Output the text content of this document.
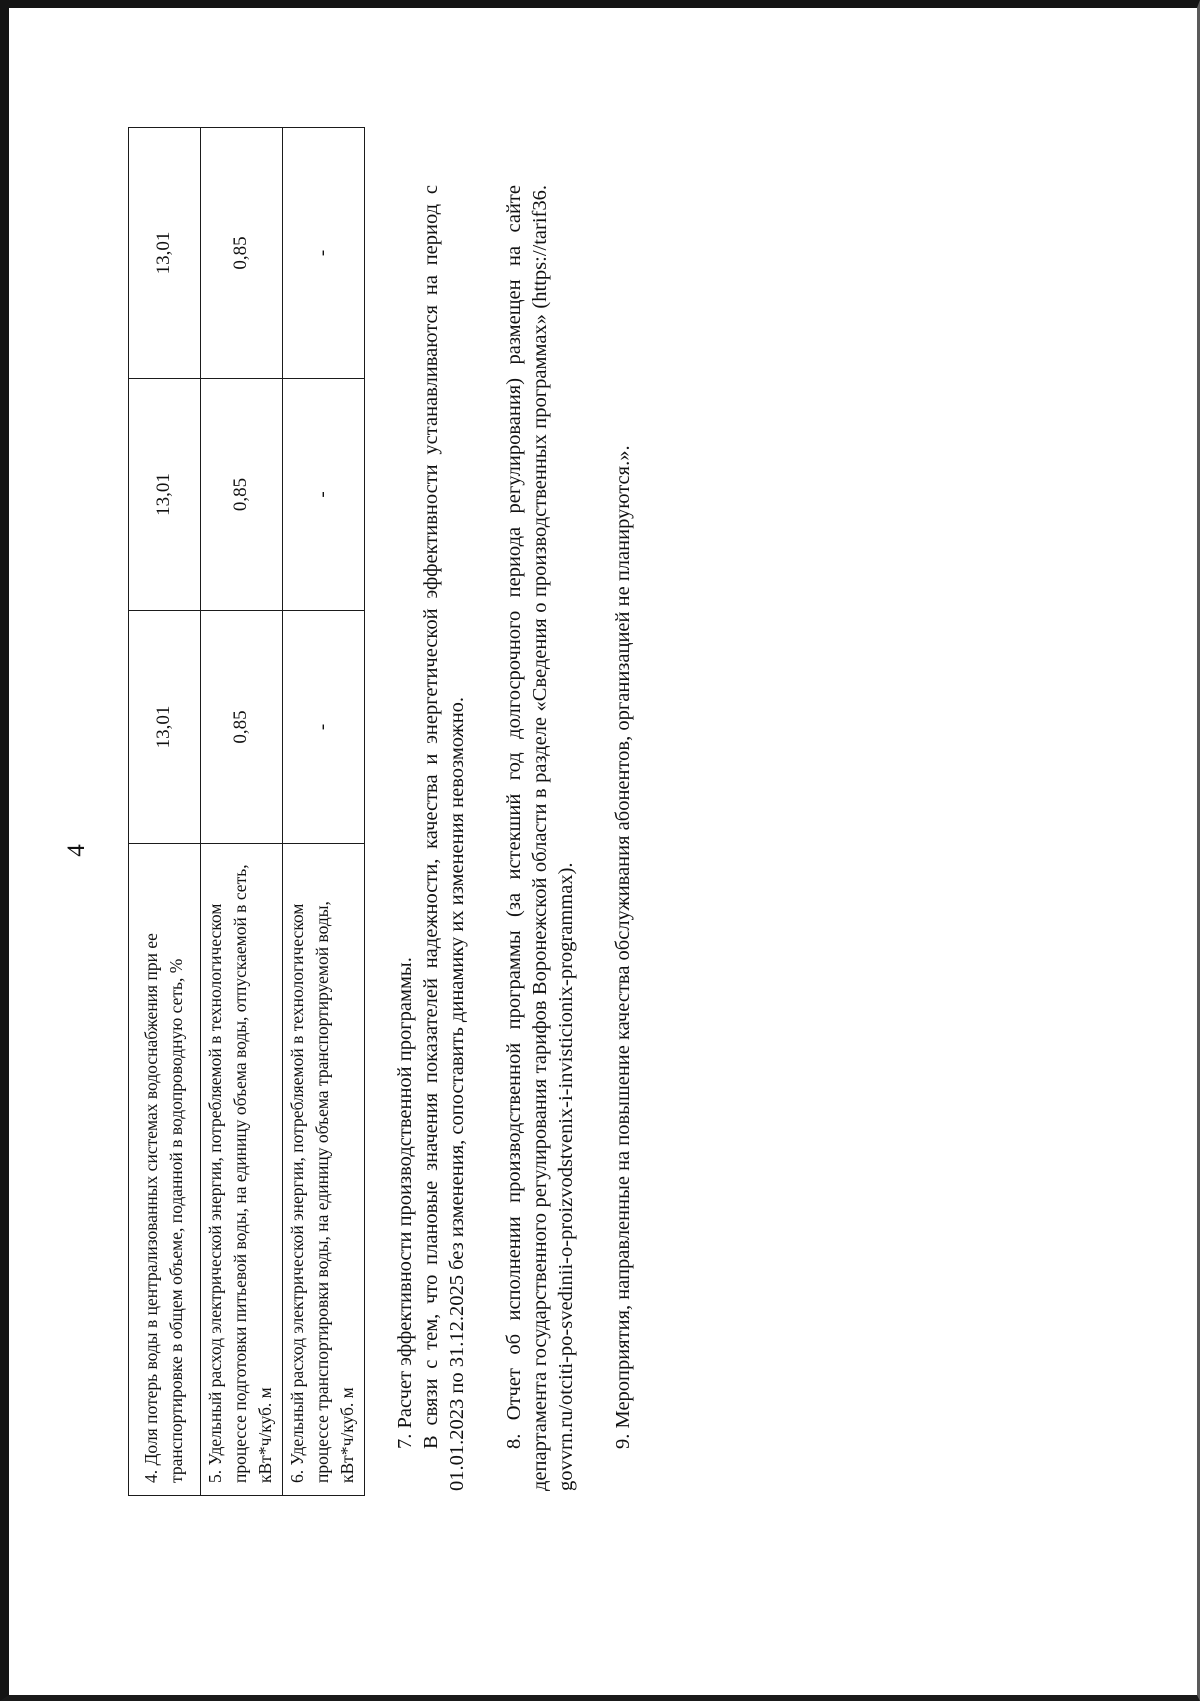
4
4. Доля потерь воды в централизованных системах водоснабжения при ее транспортировке в общем объеме, поданной в водопроводную сеть, %	13,01	13,01	13,01
5. Удельный расход электрической энергии, потребляемой в технологическом процессе подготовки питьевой воды, на единицу объема воды, отпускаемой в сеть, кВт*ч/куб. м	0,85	0,85	0,85
6. Удельный расход электрической энергии, потребляемой в технологическом процессе транспортировки воды, на единицу объема транспортируемой воды, кВт*ч/куб. м	-	-	-

7. Расчет эффективности производственной программы. В связи с тем, что плановые значения показателей надежности, качества и энергетической эффективности устанавливаются на период с 01.01.2023 по 31.12.2025 без изменения, сопоставить динамику их изменения невозможно. 8. Отчет об исполнении производственной программы (за истекший год долгосрочного периода регулирования) размещен на сайте департамента государственного регулирования тарифов Воронежской области в разделе «Сведения о производственных программах» (https://tarif36.govvrn.ru/otciti-po-svedinii-o-proizvodstvenix-i-invisticionix-programmax). 9. Мероприятия, направленные на повышение качества обслуживания абонентов, организацией не планируются.».
